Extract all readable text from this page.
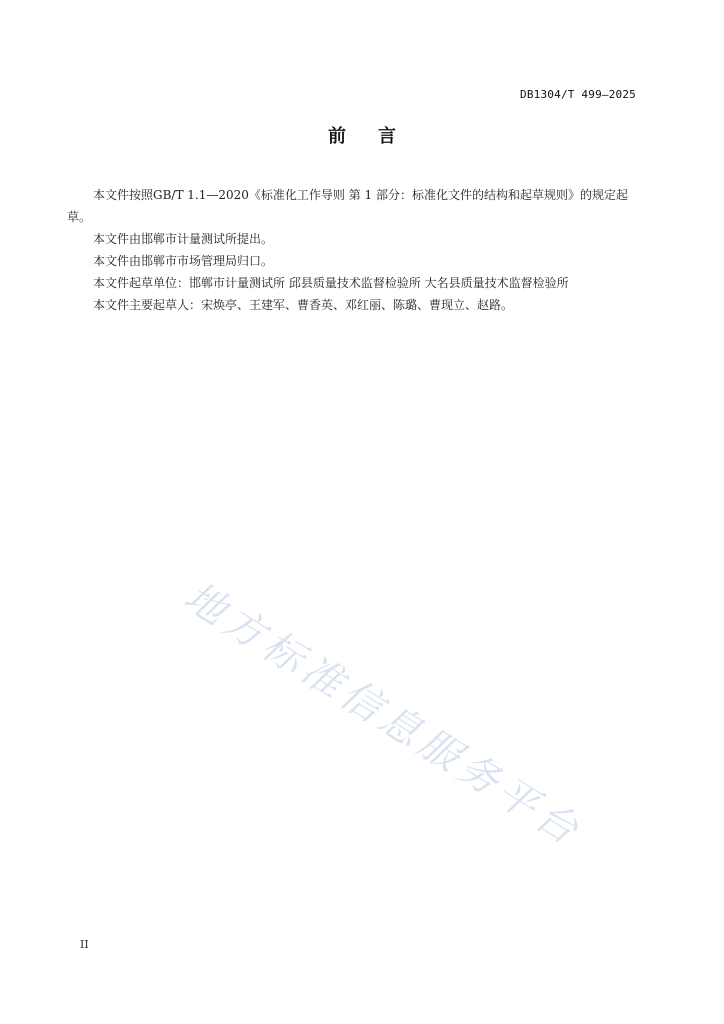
DB1304/T 499—2025
前言

本文件按照GB/T 1.1—2020《标准化工作导则 第 1 部分：标准化文件的结构和起草规则》的规定起草。

本文件由邯郸市计量测试所提出。

本文件由邯郸市市场管理局归口。

本文件起草单位：邯郸市计量测试所 邱县质量技术监督检验所 大名县质量技术监督检验所

本文件主要起草人：宋焕亭、王建军、曹香英、邓红丽、陈璐、曹现立、赵路。

地方标准信息服务平台
II
